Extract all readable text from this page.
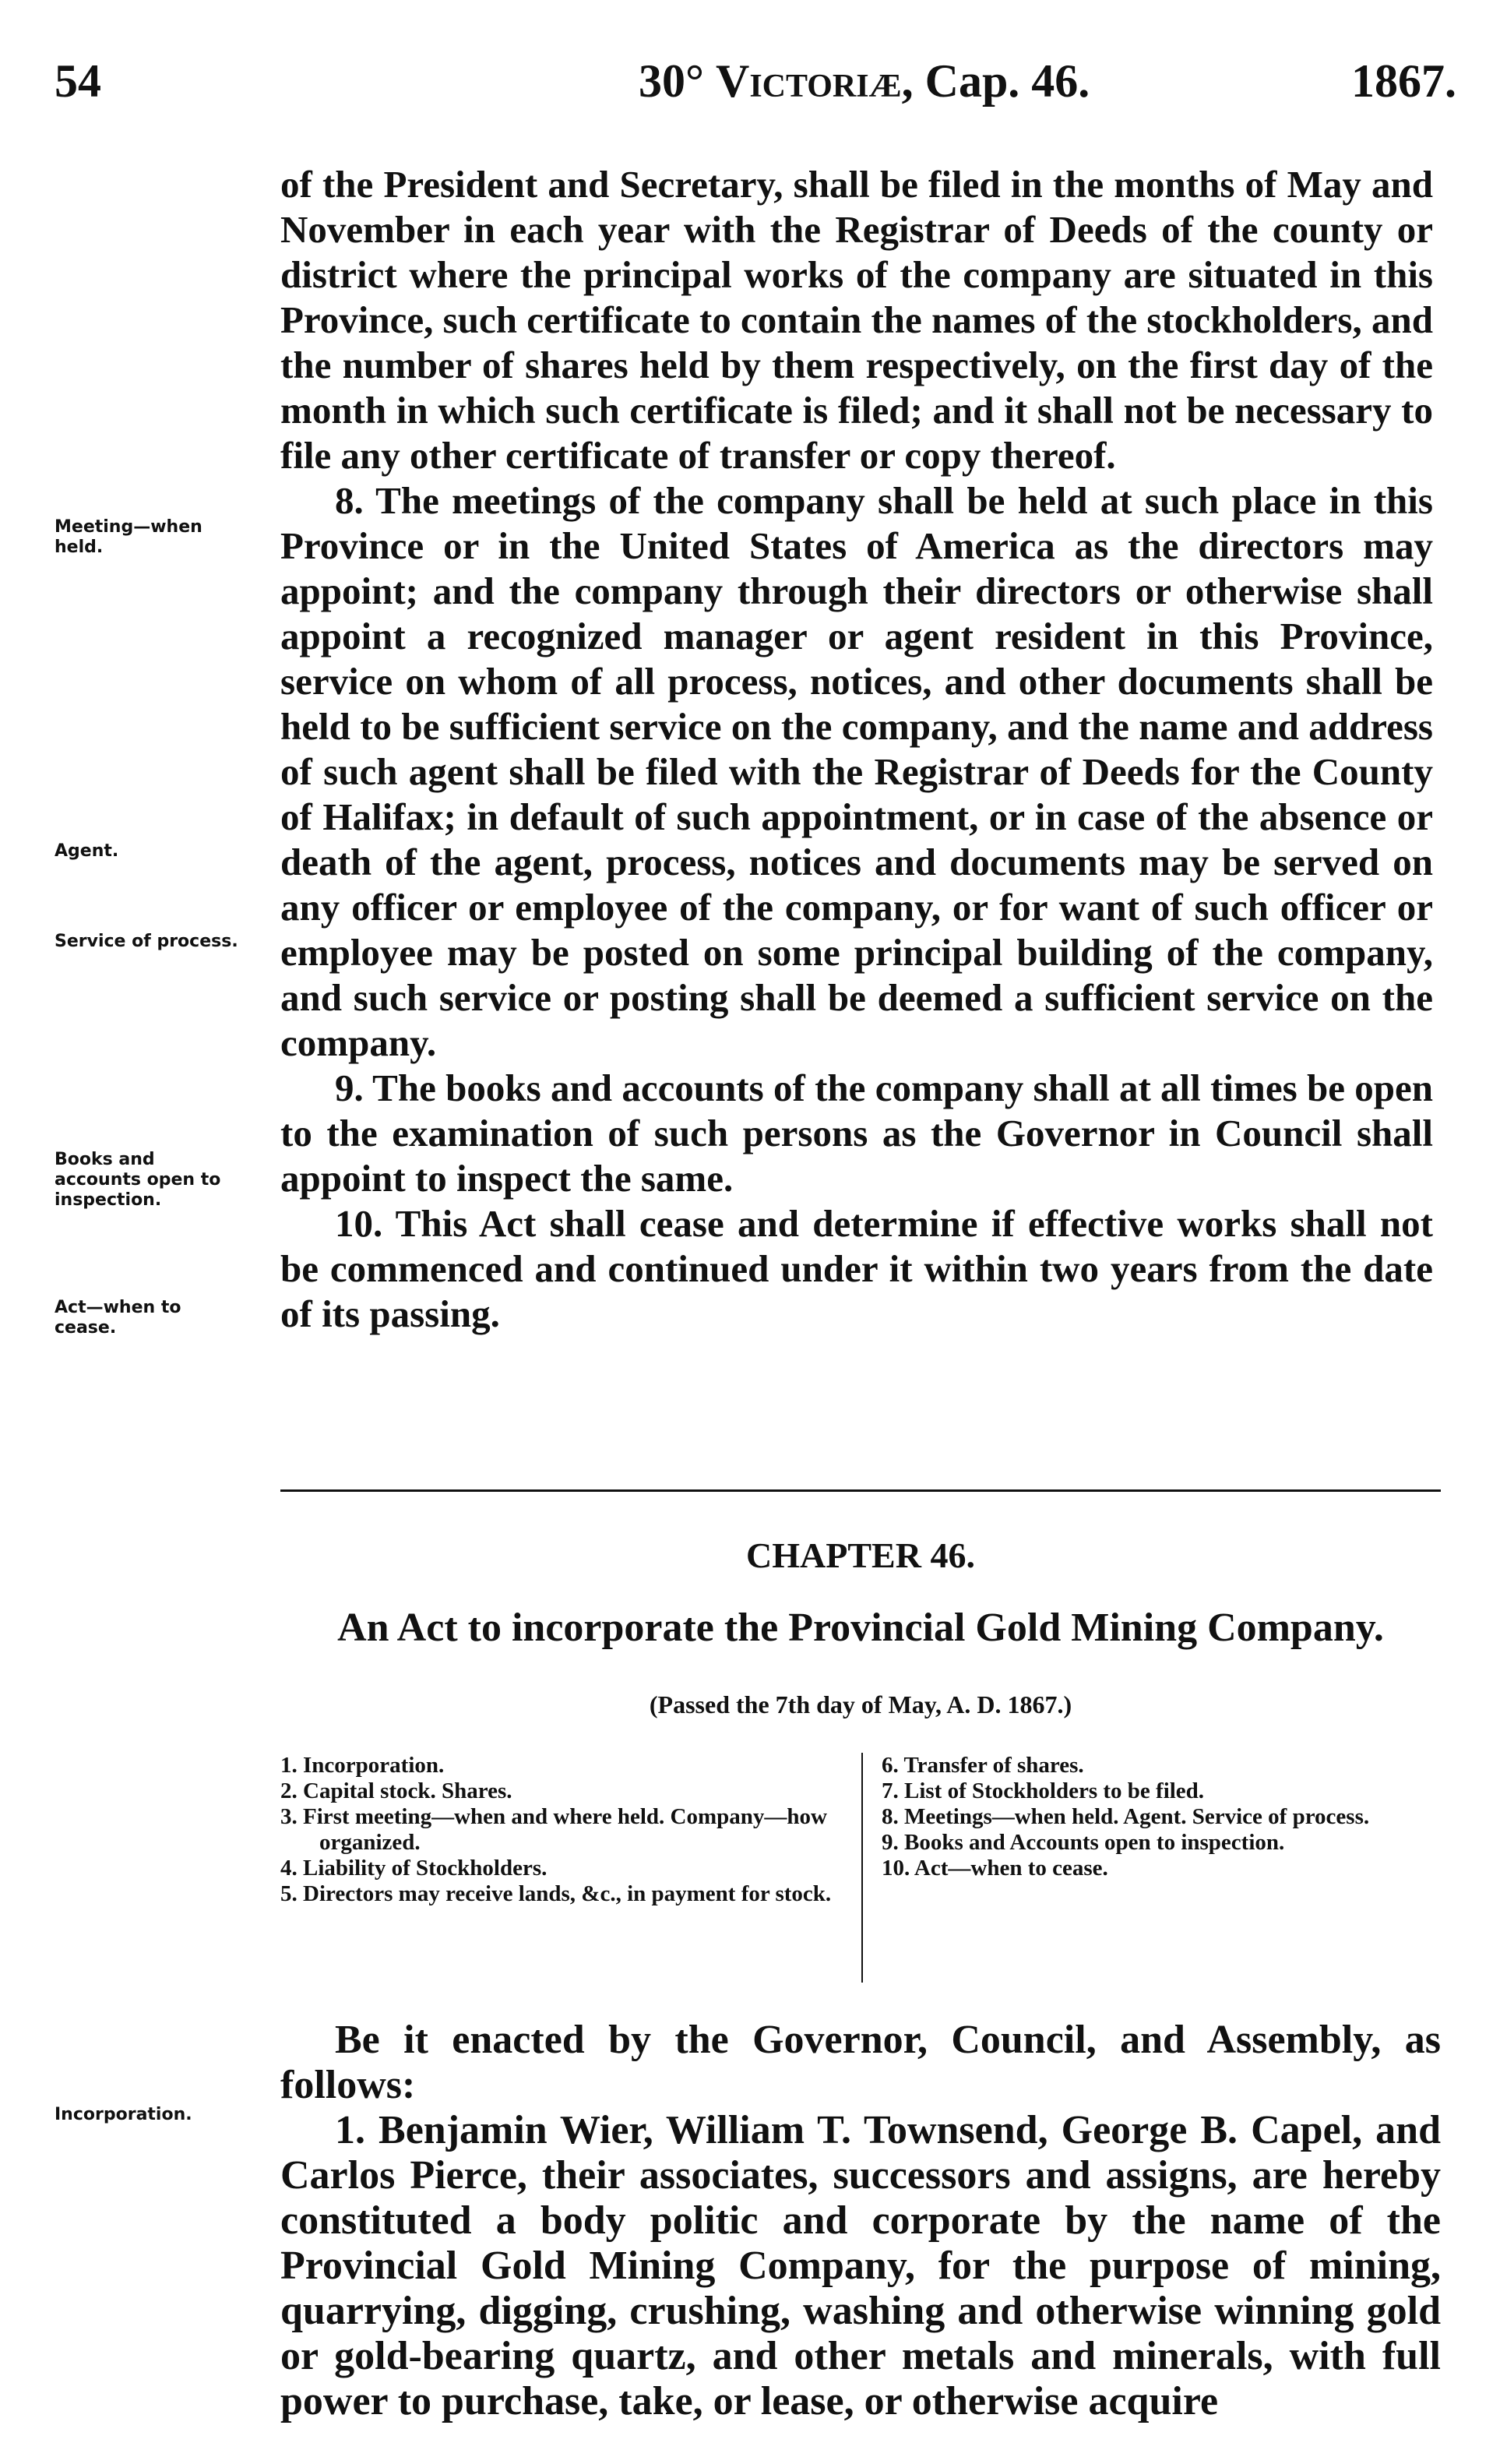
54	30° Victoriæ, Cap. 46.	1867.
Meeting—when held.
Agent.
Service of process.
Books and accounts open to inspection.
Act—when to cease.
Incorporation.

of the President and Secretary, shall be filed in the months of May and November in each year with the Registrar of Deeds of the county or district where the principal works of the company are situated in this Province, such certificate to contain the names of the stockholders, and the number of shares held by them respectively, on the first day of the month in which such certificate is filed; and it shall not be necessary to file any other certificate of transfer or copy thereof.

8. The meetings of the company shall be held at such place in this Province or in the United States of America as the directors may appoint; and the company through their directors or otherwise shall appoint a recognized manager or agent resident in this Province, service on whom of all process, notices, and other documents shall be held to be sufficient service on the company, and the name and address of such agent shall be filed with the Registrar of Deeds for the County of Halifax; in default of such appointment, or in case of the absence or death of the agent, process, notices and documents may be served on any officer or employee of the company, or for want of such officer or employee may be posted on some principal building of the company, and such service or posting shall be deemed a sufficient service on the company.

9. The books and accounts of the company shall at all times be open to the examination of such persons as the Governor in Council shall appoint to inspect the same.

10. This Act shall cease and determine if effective works shall not be commenced and continued under it within two years from the date of its passing.

CHAPTER 46.
An Act to incorporate the Provincial Gold Mining Company.
(Passed the 7th day of May, A. D. 1867.)
1. Incorporation.
2. Capital stock. Shares.
3. First meeting—when and where held. Company—how organized.
4. Liability of Stockholders.
5. Directors may receive lands, &c., in payment for stock.
6. Transfer of shares.
7. List of Stockholders to be filed.
8. Meetings—when held. Agent. Service of process.
9. Books and Accounts open to inspection.
10. Act—when to cease.

Be it enacted by the Governor, Council, and Assembly, as follows:

1. Benjamin Wier, William T. Townsend, George B. Capel, and Carlos Pierce, their associates, successors and assigns, are hereby constituted a body politic and corporate by the name of the Provincial Gold Mining Company, for the purpose of mining, quarrying, digging, crushing, washing and otherwise winning gold or gold-bearing quartz, and other metals and minerals, with full power to purchase, take, or lease, or otherwise acquire
